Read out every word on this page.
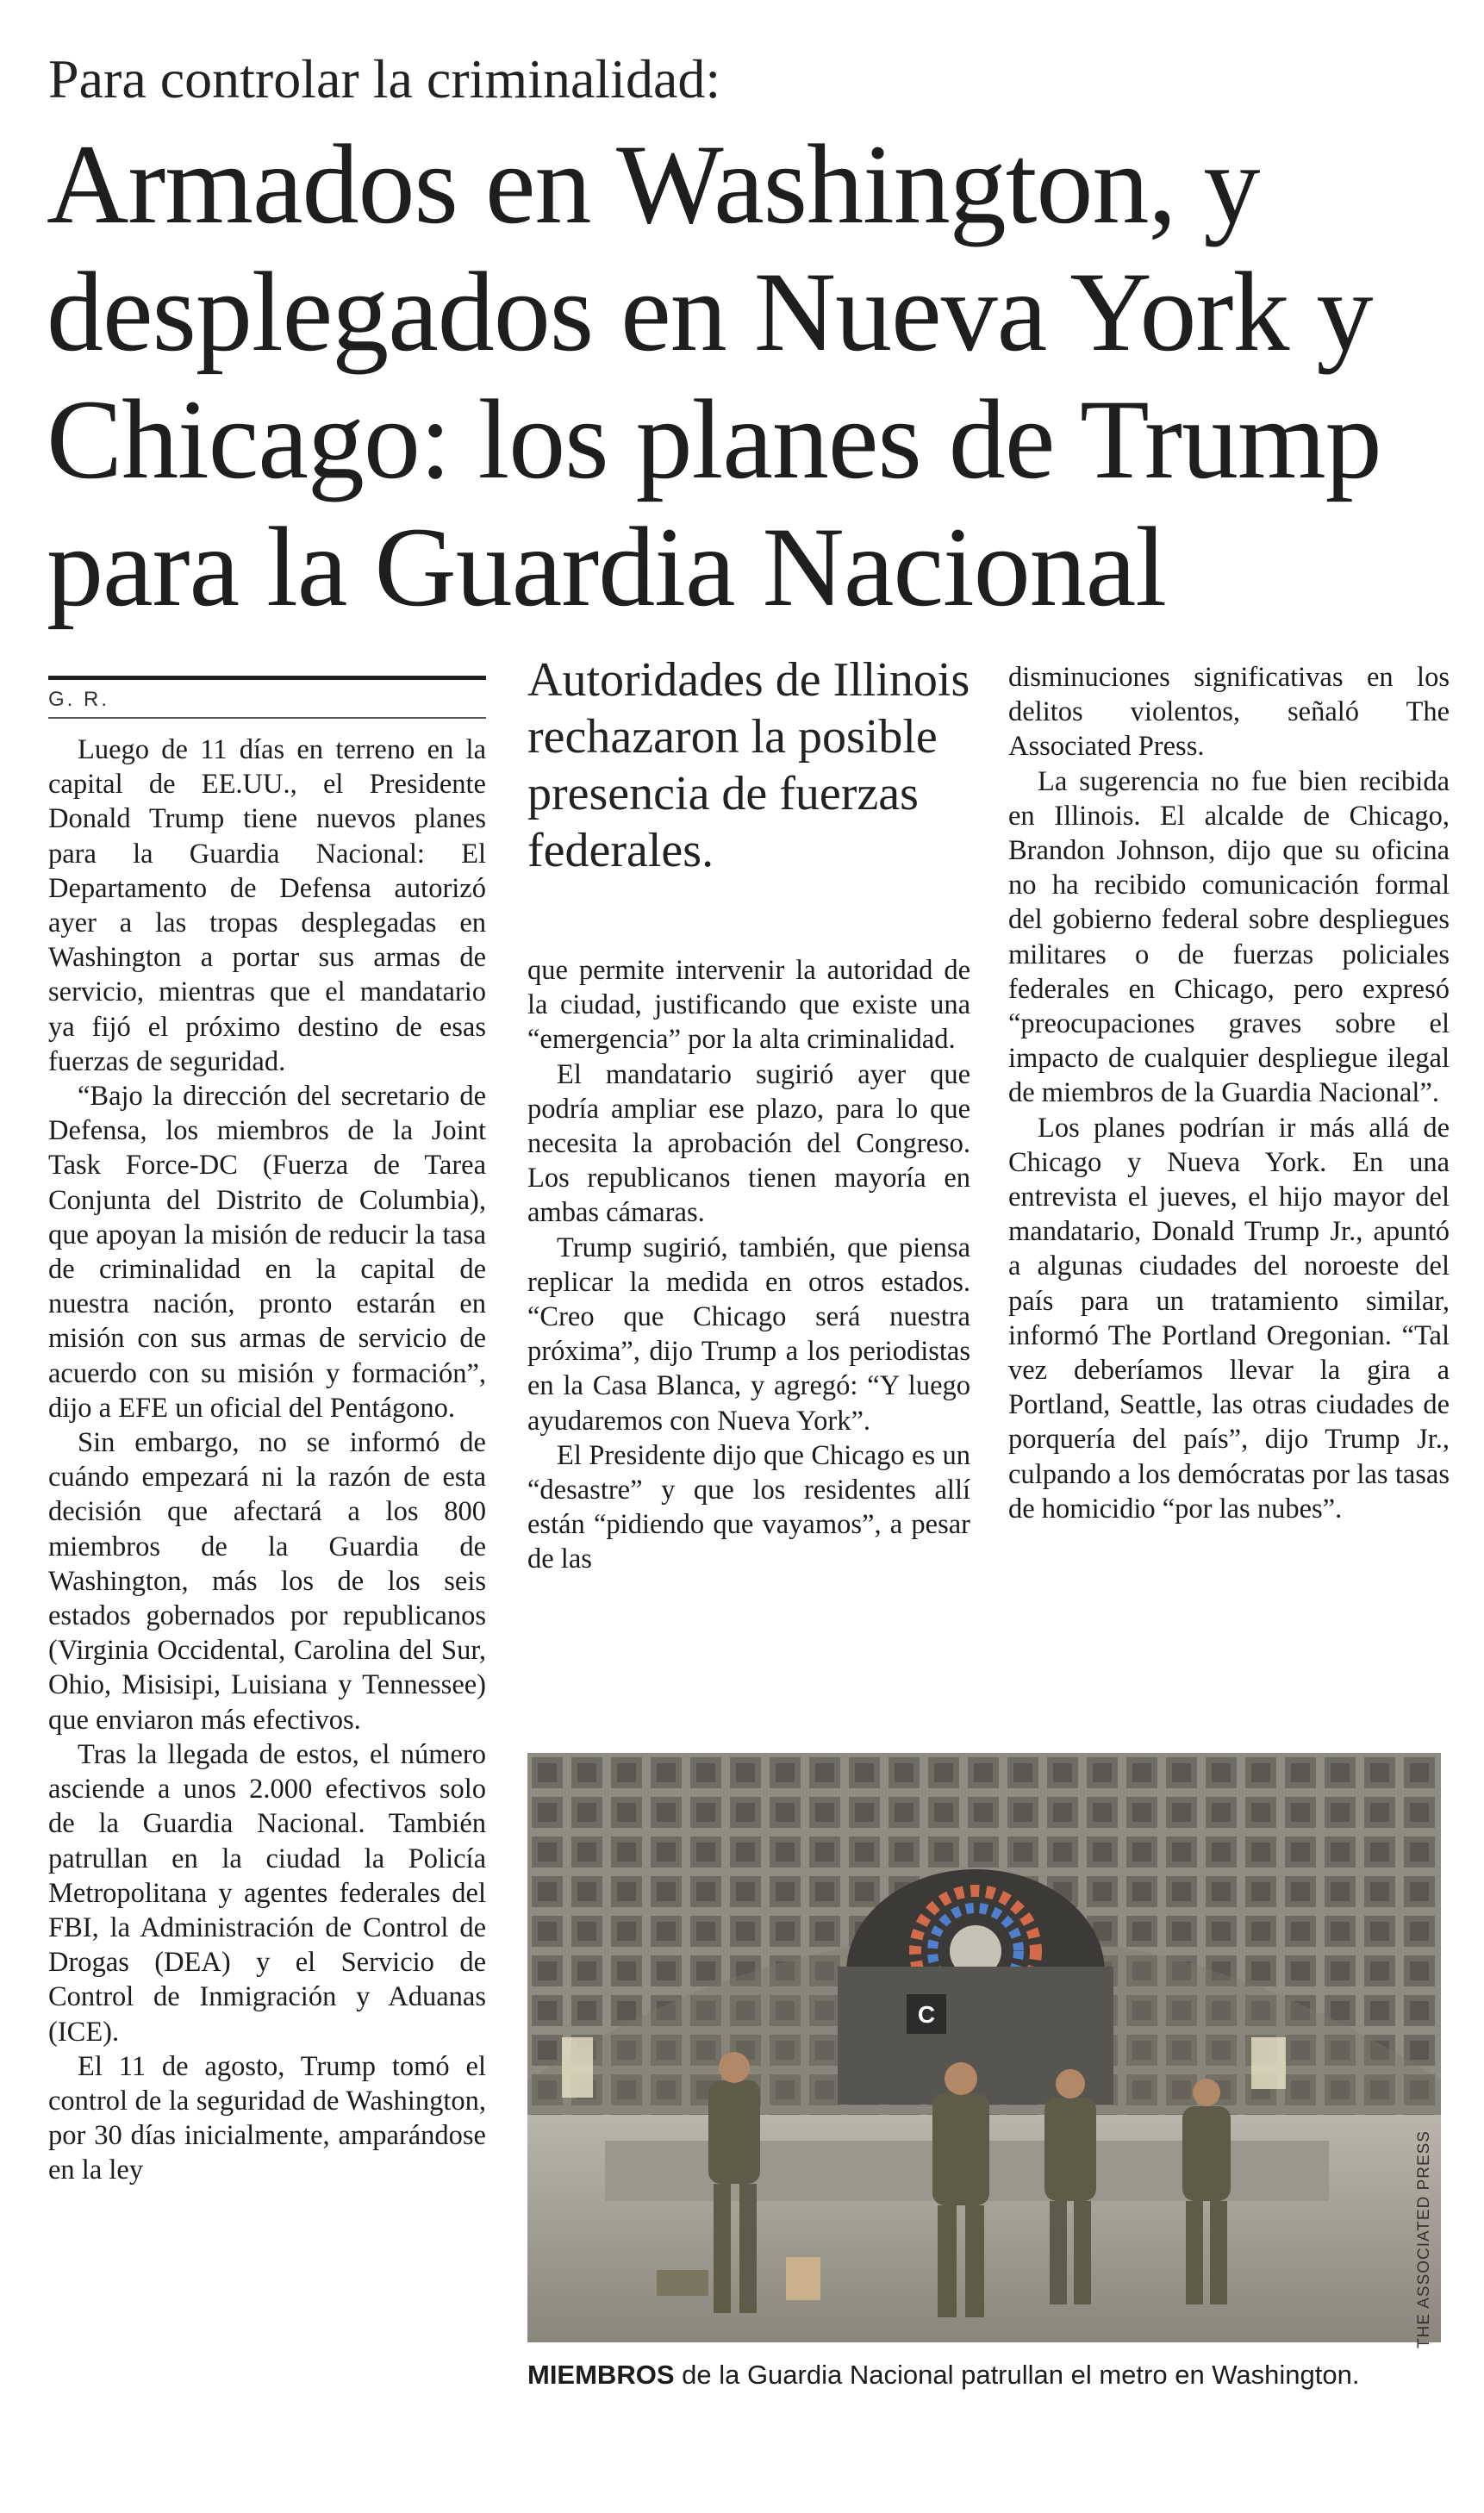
Para controlar la criminalidad:
Armados en Washington, y desplegados en Nueva York y Chicago: los planes de Trump para la Guardia Nacional
G. R.

Luego de 11 días en terreno en la capital de EE.UU., el Presidente Donald Trump tiene nuevos planes para la Guardia Nacional: El Departamento de Defensa autorizó ayer a las tropas desplegadas en Washington a portar sus armas de servicio, mientras que el mandatario ya fijó el próximo destino de esas fuerzas de seguridad.

“Bajo la dirección del secretario de Defensa, los miembros de la Joint Task Force-DC (Fuerza de Tarea Conjunta del Distrito de Columbia), que apoyan la misión de reducir la tasa de criminalidad en la capital de nuestra nación, pronto estarán en misión con sus armas de servicio de acuerdo con su misión y formación”, dijo a EFE un oficial del Pentágono.

Sin embargo, no se informó de cuándo empezará ni la razón de esta decisión que afectará a los 800 miembros de la Guardia de Washington, más los de los seis estados gobernados por republicanos (Virginia Occidental, Carolina del Sur, Ohio, Misisipi, Luisiana y Tennessee) que enviaron más efectivos.

Tras la llegada de estos, el número asciende a unos 2.000 efectivos solo de la Guardia Nacional. También patrullan en la ciudad la Policía Metropolitana y agentes federales del FBI, la Administración de Control de Drogas (DEA) y el Servicio de Control de Inmigración y Aduanas (ICE).

El 11 de agosto, Trump tomó el control de la seguridad de Washington, por 30 días inicialmente, amparándose en la ley

Autoridades de Illinois rechazaron la posible presencia de fuerzas federales.

que permite intervenir la autoridad de la ciudad, justificando que existe una “emergencia” por la alta criminalidad.

El mandatario sugirió ayer que podría ampliar ese plazo, para lo que necesita la aprobación del Congreso. Los republicanos tienen mayoría en ambas cámaras.

Trump sugirió, también, que piensa replicar la medida en otros estados. “Creo que Chicago será nuestra próxima”, dijo Trump a los periodistas en la Casa Blanca, y agregó: “Y luego ayudaremos con Nueva York”.

El Presidente dijo que Chicago es un “desastre” y que los residentes allí están “pidiendo que vayamos”, a pesar de las

disminuciones significativas en los delitos violentos, señaló The Associated Press.

La sugerencia no fue bien recibida en Illinois. El alcalde de Chicago, Brandon Johnson, dijo que su oficina no ha recibido comunicación formal del gobierno federal sobre despliegues militares o de fuerzas policiales federales en Chicago, pero expresó “preocupaciones graves sobre el impacto de cualquier despliegue ilegal de miembros de la Guardia Nacional”.

Los planes podrían ir más allá de Chicago y Nueva York. En una entrevista el jueves, el hijo mayor del mandatario, Donald Trump Jr., apuntó a algunas ciudades del noroeste del país para un tratamiento similar, informó The Portland Oregonian. “Tal vez deberíamos llevar la gira a Portland, Seattle, las otras ciudades de porquería del país”, dijo Trump Jr., culpando a los demócratas por las tasas de homicidio “por las nubes”.

C
THE ASSOCIATED PRESS
MIEMBROS de la Guardia Nacional patrullan el metro en Washington.
